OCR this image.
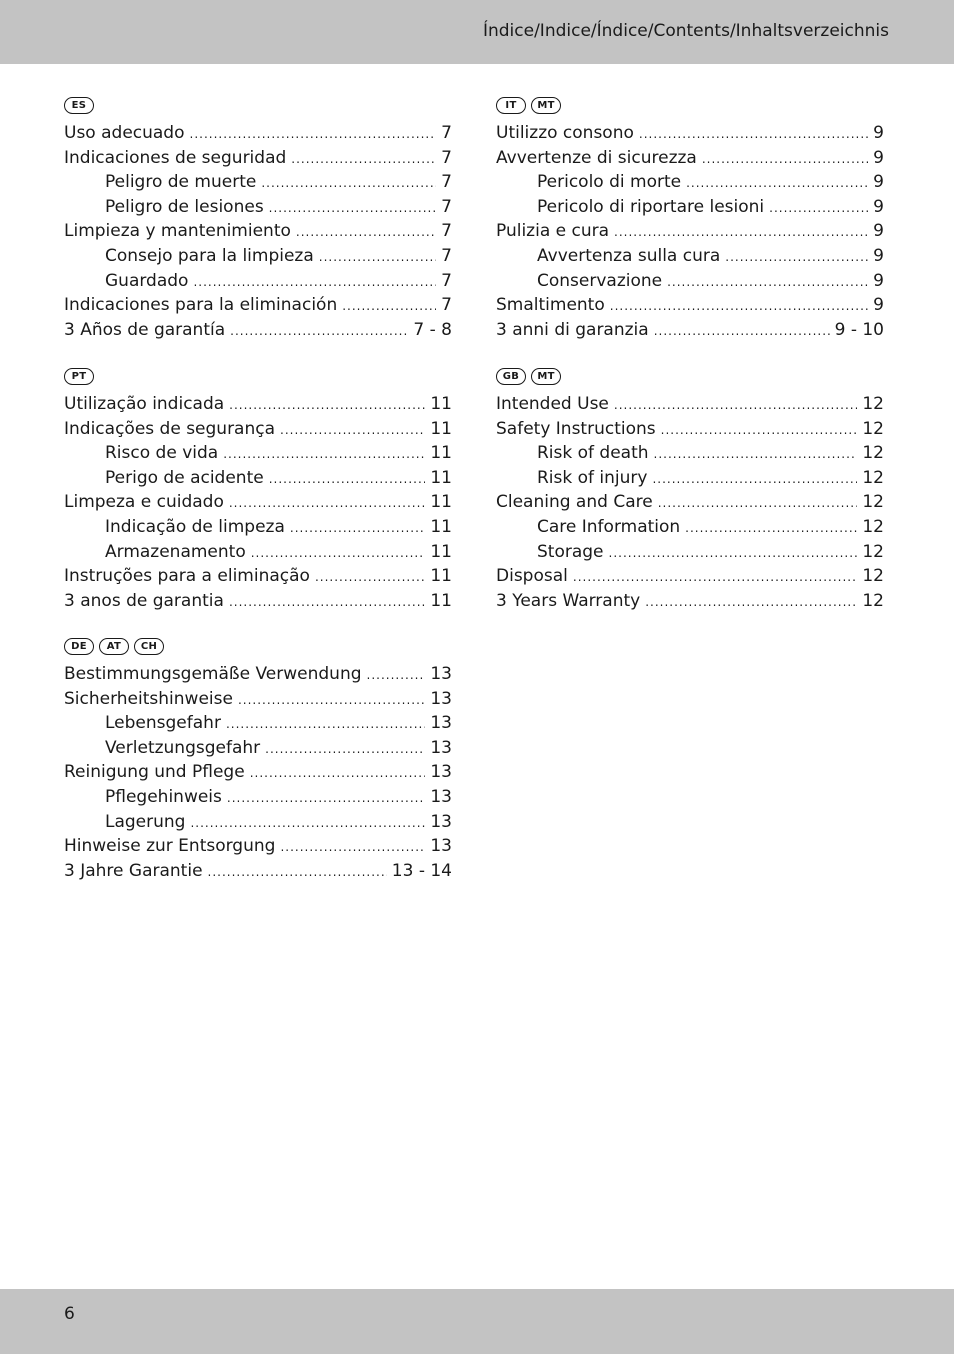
Índice/Indice/Índice/Contents/Inhaltsverzeichnis
ES
Uso adecuado .....	7
Indicaciones de seguridad .....	7
Peligro de muerte .....	7
Peligro de lesiones .....	7
Limpieza y mantenimiento .....	7
Consejo para la limpieza .....	7
Guardado .....	7
Indicaciones para la eliminación .....	7
3 Años de garantía .....	7 - 8
PT
Utilização indicada .....	11
Indicações de segurança .....	11
Risco de vida .....	11
Perigo de acidente .....	11
Limpeza e cuidado .....	11
Indicação de limpeza .....	11
Armazenamento .....	11
Instruções para a eliminação .....	11
3 anos de garantia .....	11
DE	AT	CH
Bestimmungsgemäße Verwendung .....	13
Sicherheitshinweise .....	13
Lebensgefahr .....	13
Verletzungsgefahr .....	13
Reinigung und Pflege .....	13
Pflegehinweis .....	13
Lagerung .....	13
Hinweise zur Entsorgung .....	13
3 Jahre Garantie .....	13 - 14
IT	MT
Utilizzo consono .....	9
Avvertenze di sicurezza .....	9
Pericolo di morte .....	9
Pericolo di riportare lesioni .....	9
Pulizia e cura .....	9
Avvertenza sulla cura .....	9
Conservazione .....	9
Smaltimento .....	9
3 anni di garanzia .....	9 - 10
GB	MT
Intended Use .....	12
Safety Instructions .....	12
Risk of death .....	12
Risk of injury .....	12
Cleaning and Care .....	12
Care Information .....	12
Storage .....	12
Disposal .....	12
3 Years Warranty .....	12
6
